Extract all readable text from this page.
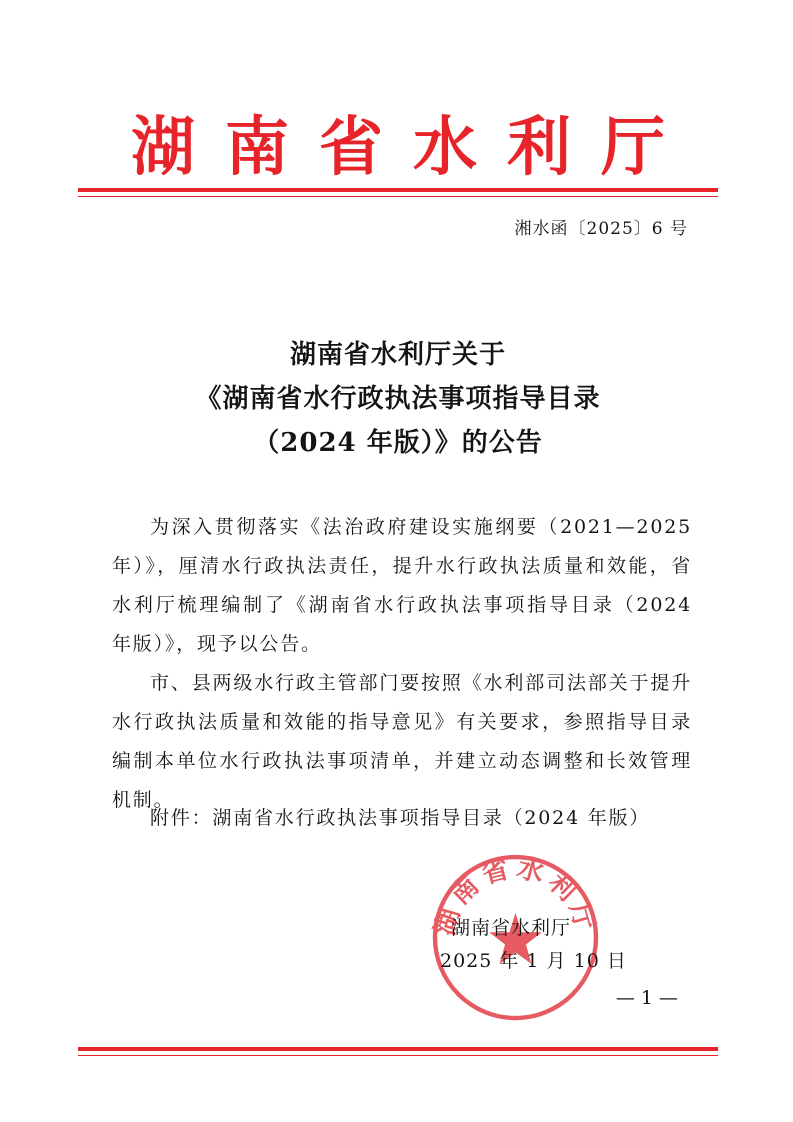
湖南省水利厅
湘水函〔2025〕6 号
湖南省水利厅关于
《湖南省水行政执法事项指导目录
（2024 年版）》的公告

为深入贯彻落实《法治政府建设实施纲要（2021—2025 年）》，厘清水行政执法责任，提升水行政执法质量和效能，省水利厅梳理编制了《湖南省水行政执法事项指导目录（2024 年版）》，现予以公告。

市、县两级水行政主管部门要按照《水利部司法部关于提升水行政执法质量和效能的指导意见》有关要求，参照指导目录编制本单位水行政执法事项清单，并建立动态调整和长效管理机制。

附件：湖南省水行政执法事项指导目录（2024 年版）
湖南省水利厅
湖南省水利厅
2025 年 1 月 10 日
— 1 —
